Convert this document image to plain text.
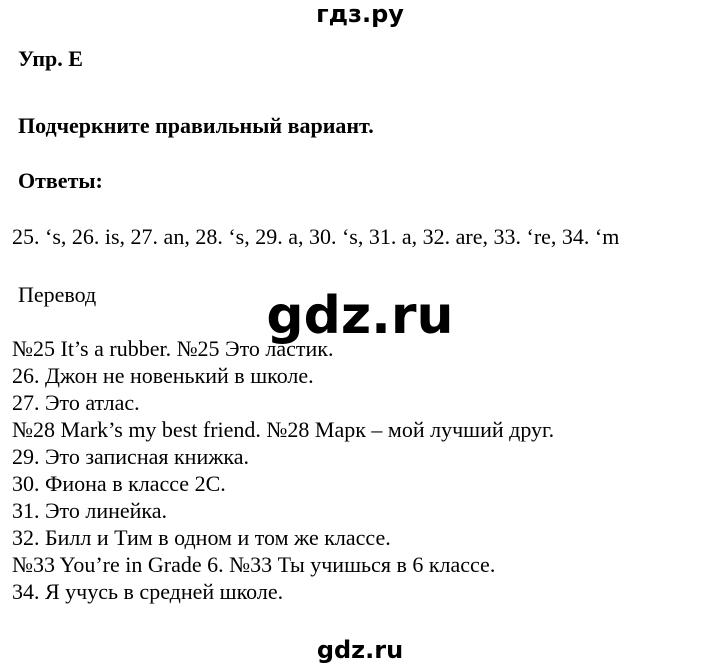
гдз.ру
Упр. E
Подчеркните правильный вариант.
Ответы:
25. ‘s, 26. is, 27. an, 28. ‘s, 29. a, 30. ‘s, 31. a, 32. are, 33. ‘re, 34. ‘m
Перевод	gdz.ru
№25 It’s a rubber. №25 Это ластик.
26. Джон не новенький в школе.
27. Это атлас.
№28 Mark’s my best friend. №28 Марк – мой лучший друг.
29. Это записная книжка.
30. Фиона в классе 2C.
31. Это линейка.
32. Билл и Тим в одном и том же классе.
№33 You’re in Grade 6. №33 Ты учишься в 6 классе.
34. Я учусь в средней школе.
gdz.ru
